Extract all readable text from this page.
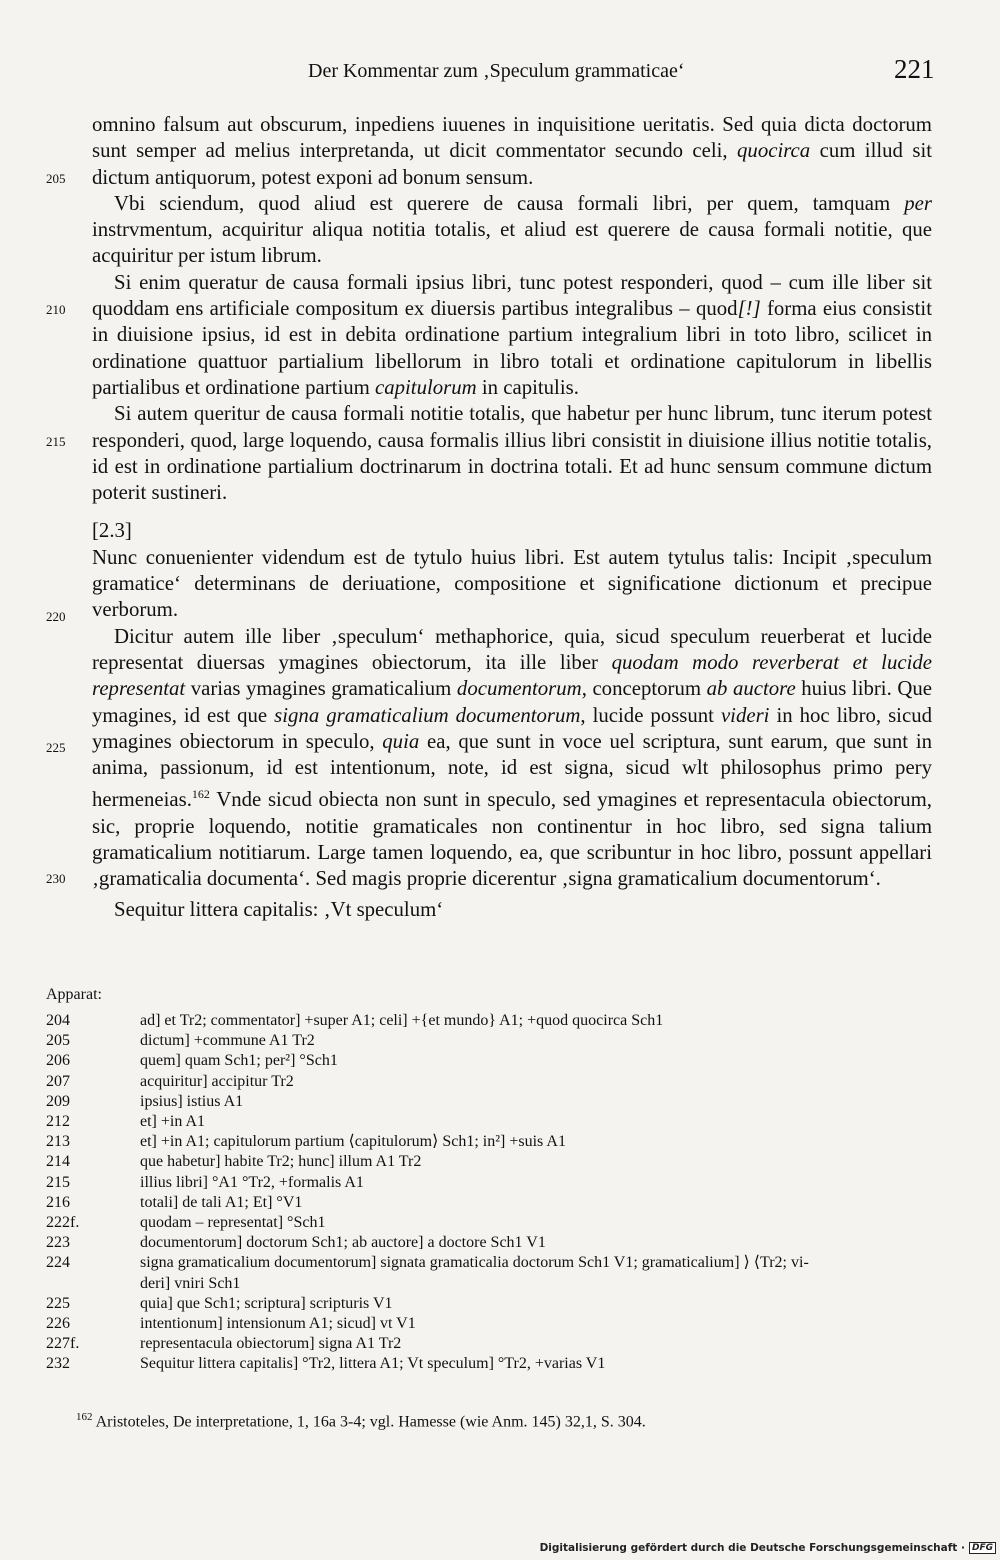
Der Kommentar zum ‚Speculum grammaticae‘	221
205
210
215
220
225
230

omnino falsum aut obscurum, inpediens iuuenes in inquisitione ueritatis. Sed quia dicta doctorum sunt semper ad melius interpretanda, ut dicit commentator secundo celi, quocirca cum illud sit dictum antiquorum, potest exponi ad bonum sensum.

Vbi sciendum, quod aliud est querere de causa formali libri, per quem, tamquam per instrvmentum, acquiritur aliqua notitia totalis, et aliud est querere de causa formali notitie, que acquiritur per istum librum.

Si enim queratur de causa formali ipsius libri, tunc potest responderi, quod – cum ille liber sit quoddam ens artificiale compositum ex diuersis partibus integralibus – quod[!] forma eius consistit in diuisione ipsius, id est in debita ordinatione partium integralium libri in toto libro, scilicet in ordinatione quattuor partialium libellorum in libro totali et ordinatione capitulorum in libellis partialibus et ordinatione partium capitulorum in capitulis.

Si autem queritur de causa formali notitie totalis, que habetur per hunc librum, tunc iterum potest responderi, quod, large loquendo, causa formalis illius libri consistit in diuisione illius notitie totalis, id est in ordinatione partialium doctrinarum in doctrina totali. Et ad hunc sensum commune dictum poterit sustineri.

[2.3]

Nunc conuenienter videndum est de tytulo huius libri. Est autem tytulus talis: Incipit ‚speculum gramatice‘ determinans de deriuatione, compositione et significatione dictionum et precipue verborum.

Dicitur autem ille liber ‚speculum‘ methaphorice, quia, sicud speculum reuerberat et lucide representat diuersas ymagines obiectorum, ita ille liber quodam modo reverberat et lucide representat varias ymagines gramaticalium documentorum, conceptorum ab auctore huius libri. Que ymagines, id est que signa gramaticalium documentorum, lucide possunt videri in hoc libro, sicud ymagines obiectorum in speculo, quia ea, que sunt in voce uel scriptura, sunt earum, que sunt in anima, passionum, id est intentionum, note, id est signa, sicud wlt philosophus primo pery hermeneias.$^{162}$ Vnde sicud obiecta non sunt in speculo, sed ymagines et representacula obiectorum, sic, proprie loquendo, notitie gramaticales non continentur in hoc libro, sed signa talium gramaticalium notitiarum. Large tamen loquendo, ea, que scribuntur in hoc libro, possunt appellari ‚gramaticalia documenta‘. Sed magis proprie dicerentur ‚signa gramaticalium documentorum‘.

Sequitur littera capitalis: ‚Vt speculum‘

Apparat:
204	ad] et Tr2; commentator] +super A1; celi] +{et mundo} A1; +quod quocirca Sch1
205	dictum] +commune A1 Tr2
206	quem] quam Sch1; per²] °Sch1
207	acquiritur] accipitur Tr2
209	ipsius] istius A1
212	et] +in A1
213	et] +in A1; capitulorum partium ⟨capitulorum⟩ Sch1; in²] +suis A1
214	que habetur] habite Tr2; hunc] illum A1 Tr2
215	illius libri] °A1 °Tr2, +formalis A1
216	totali] de tali A1; Et] °V1
222f.	quodam – representat] °Sch1
223	documentorum] doctorum Sch1; ab auctore] a doctore Sch1 V1
224	signa gramaticalium documentorum] signata gramaticalia doctorum Sch1 V1; gramaticalium] ⟩ ⟨Tr2; vi-
deri] vniri Sch1
225	quia] que Sch1; scriptura] scripturis V1
226	intentionum] intensionum A1; sicud] vt V1
227f.	representacula obiectorum] signa A1 Tr2
232	Sequitur littera capitalis] °Tr2, littera A1; Vt speculum] °Tr2, +varias V1
$^{162}$ Aristoteles, De interpretatione, 1, 16a 3-4; vgl. Hamesse (wie Anm. 145) 32,1, S. 304.
Digitalisierung gefördert durch die Deutsche Forschungsgemeinschaft · DFG
